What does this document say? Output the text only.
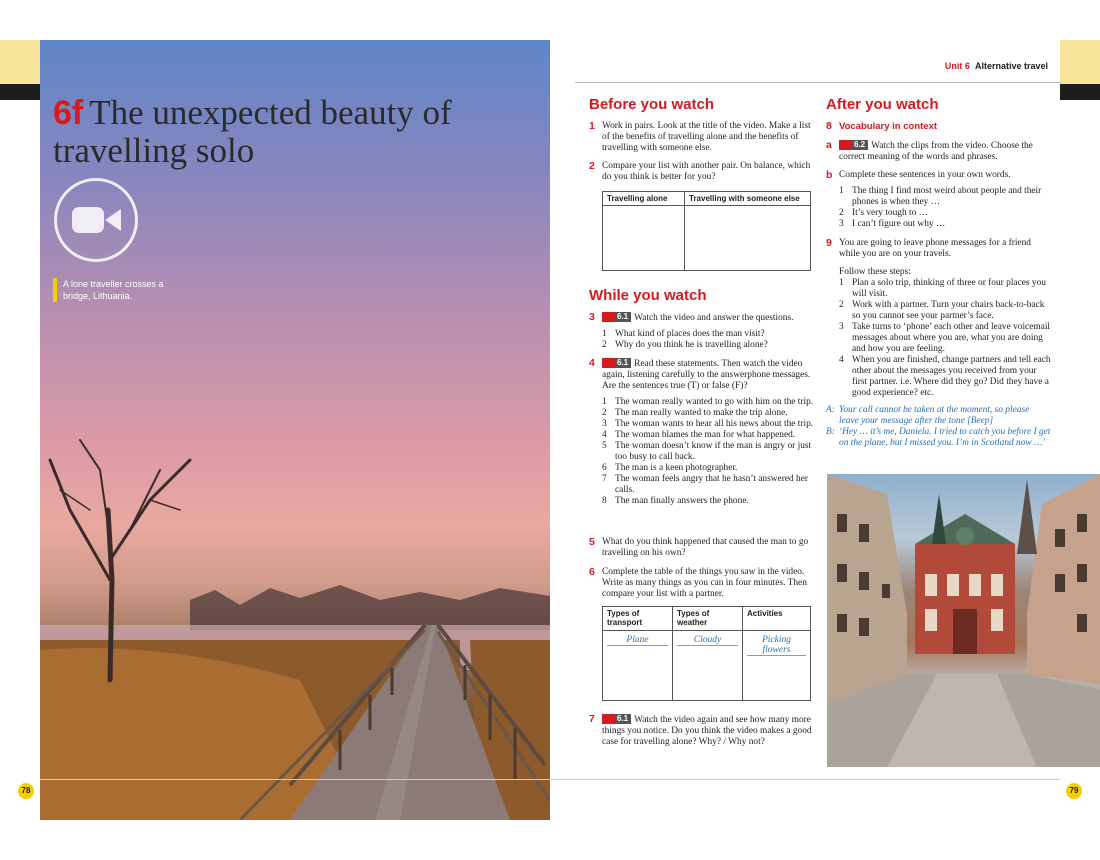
6f The unexpected beauty of travelling solo
A lone traveller crosses a bridge, Lithuania.
78
Unit 6 Alternative travel
Before you watch
1 Work in pairs. Look at the title of the video. Make a list of the benefits of travelling alone and the benefits of travelling with someone else.
2 Compare your list with another pair. On balance, which do you think is better for you?
Travelling alone	Travelling with someone else

While you watch
3	6.1 Watch the video and answer the questions.
1 What kind of places does the man visit?
2 Why do you think he is travelling alone?
4	6.1 Read these statements. Then watch the video again, listening carefully to the answerphone messages. Are the sentences true (T) or false (F)?
1 The woman really wanted to go with him on the trip.
2 The man really wanted to make the trip alone.
3 The woman wants to hear all his news about the trip.
4 The woman blames the man for what happened.
5 The woman doesn’t know if the man is angry or just too busy to call back.
6 The man is a keen photographer.
7 The woman feels angry that he hasn’t answered her calls.
8 The man finally answers the phone.
5 What do you think happened that caused the man to go travelling on his own?
6 Complete the table of the things you saw in the video. Write as many things as you can in four minutes. Then compare your list with a partner.
Types of transport	Types of weather	Activities

Plane	Cloudy	Picking flowers
7	6.1 Watch the video again and see how many more things you notice. Do you think the video makes a good case for travelling alone? Why? / Why not?
After you watch
8 Vocabulary in context
a	6.2 Watch the clips from the video. Choose the correct meaning of the words and phrases.
b Complete these sentences in your own words.
1 The thing I find most weird about people and their phones is when they …
2 It’s very tough to …
3 I can’t figure out why …
9 You are going to leave phone messages for a friend while you are on your travels.
Follow these steps:
1 Plan a solo trip, thinking of three or four places you will visit.
2 Work with a partner. Turn your chairs back-to-back so you cannot see your partner’s face.
3 Take turns to ‘phone’ each other and leave voicemail messages about where you are, what you are doing and how you are feeling.
4 When you are finished, change partners and tell each other about the messages you received from your first partner. i.e. Where did they go? Did they have a good experience? etc.
A: Your call cannot be taken at the moment, so please leave your message after the tone [Beep]
B: ‘Hey … it’s me, Daniela. I tried to catch you before I get on the plane, but I missed you. I’m in Scotland now …’
79
